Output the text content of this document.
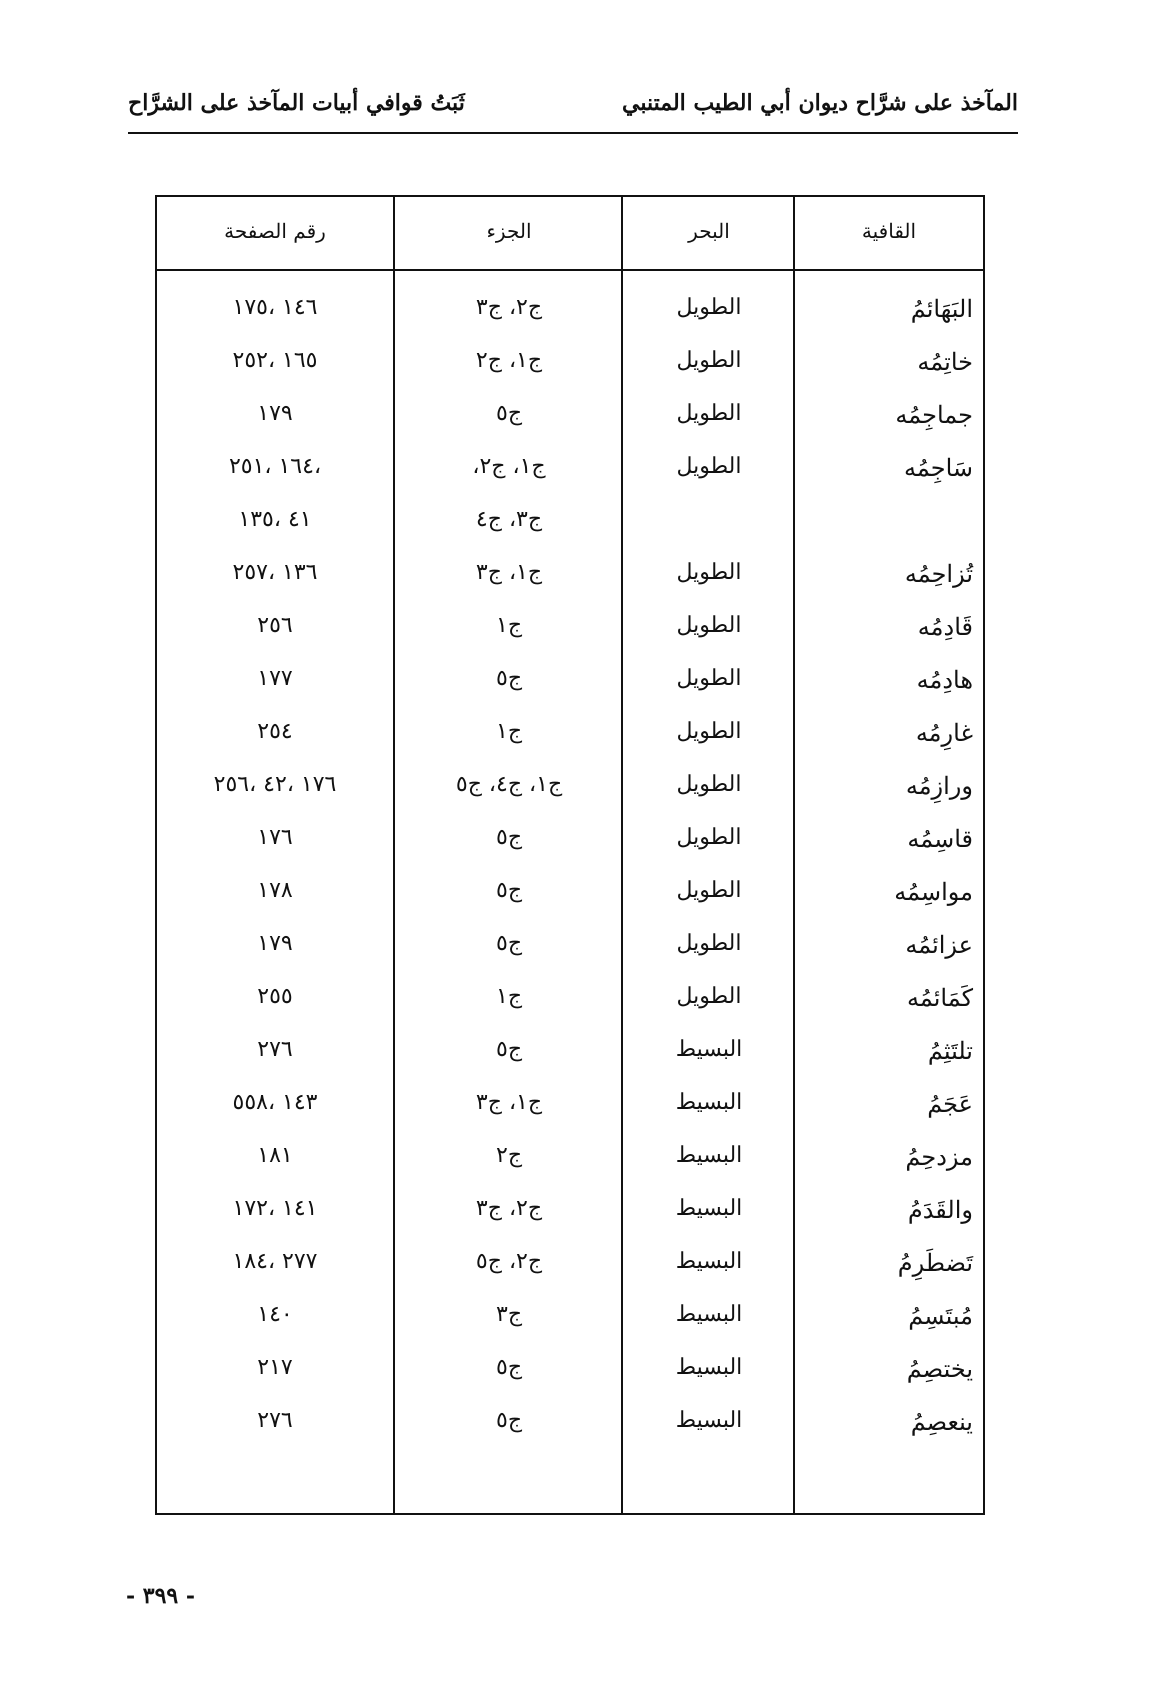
المآخذ على شرَّاح ديوان أبي الطيب المتنبي
ثَبَتُ قوافي أبيات المآخذ على الشرَّاح
القافية
البحر
الجزء
رقم الصفحة
البَهَائمُ
الطويل
ج٢، ج٣
١٤٦ ،١٧٥
خاتِمُه
الطويل
ج١، ج٢
١٦٥ ،٢٥٢
جماجِمُه
الطويل
ج٥
١٧٩
سَاجِمُه
الطويل
ج١، ج٢،
،١٦٤ ،٢٥١
ج٣، ج٤
٤١ ،١٣٥
تُزاحِمُه
الطويل
ج١، ج٣
١٣٦ ،٢٥٧
قَادِمُه
الطويل
ج١
٢٥٦
هادِمُه
الطويل
ج٥
١٧٧
غارِمُه
الطويل
ج١
٢٥٤
ورازِمُه
الطويل
ج١، ج٤، ج٥
١٧٦ ،٤٢ ،٢٥٦
قاسِمُه
الطويل
ج٥
١٧٦
مواسِمُه
الطويل
ج٥
١٧٨
عزائمُه
الطويل
ج٥
١٧٩
كَمَائمُه
الطويل
ج١
٢٥٥
تلتَثِمُ
البسيط
ج٥
٢٧٦
عَجَمُ
البسيط
ج١، ج٣
١٤٣ ،٥٥٨
مزدحِمُ
البسيط
ج٢
١٨١
والقَدَمُ
البسيط
ج٢، ج٣
١٤١ ،١٧٢
تَضطَرِمُ
البسيط
ج٢، ج٥
٢٧٧ ،١٨٤
مُبتَسِمُ
البسيط
ج٣
١٤٠
يختصِمُ
البسيط
ج٥
٢١٧
ينعصِمُ
البسيط
ج٥
٢٧٦
- ٣٩٩ -
